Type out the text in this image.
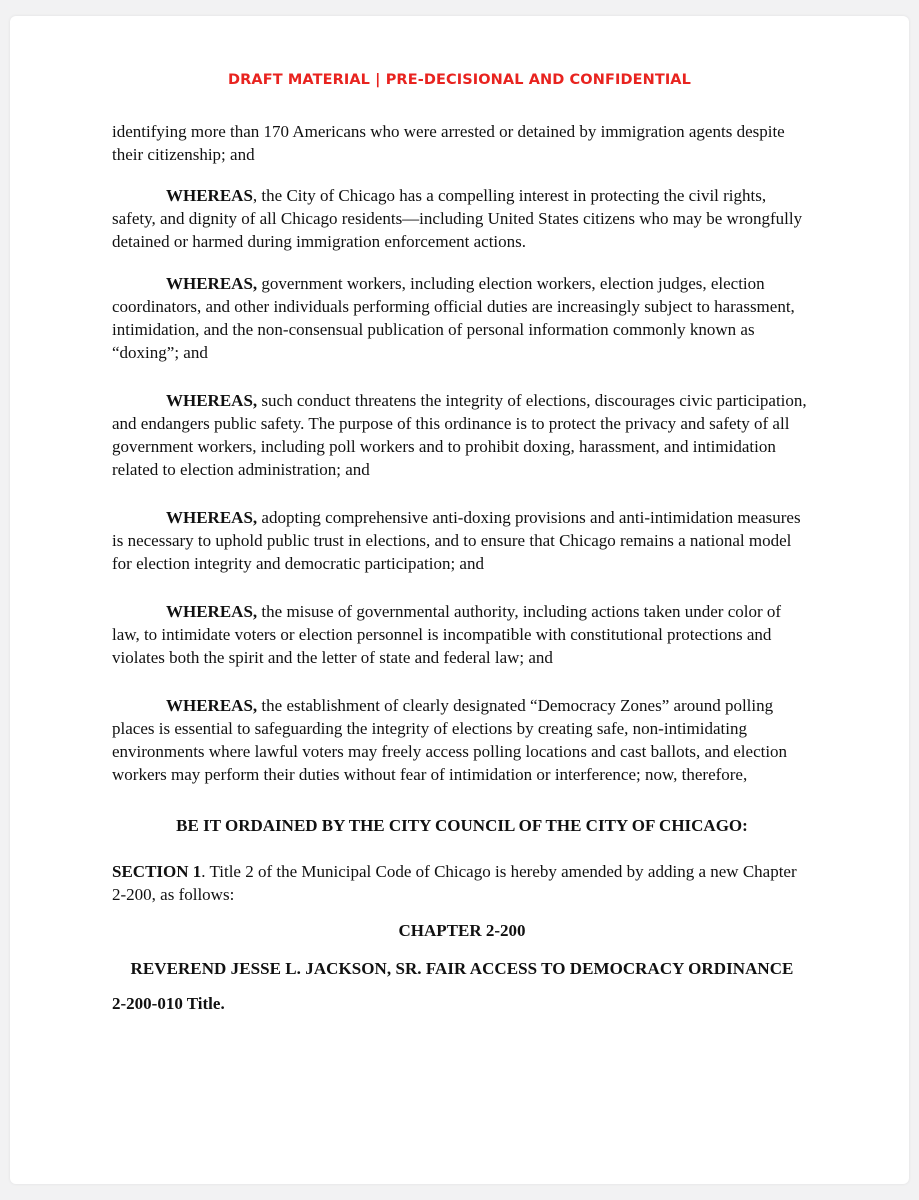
DRAFT MATERIAL | PRE-DECISIONAL AND CONFIDENTIAL

identifying more than 170 Americans who were arrested or detained by immigration agents despite their citizenship; and

WHEREAS, the City of Chicago has a compelling interest in protecting the civil rights, safety, and dignity of all Chicago residents—including United States citizens who may be wrongfully detained or harmed during immigration enforcement actions.

WHEREAS, government workers, including election workers, election judges, election coordinators, and other individuals performing official duties are increasingly subject to harassment, intimidation, and the non-consensual publication of personal information commonly known as “doxing”; and

WHEREAS, such conduct threatens the integrity of elections, discourages civic participation, and endangers public safety. The purpose of this ordinance is to protect the privacy and safety of all government workers, including poll workers and to prohibit doxing, harassment, and intimidation related to election administration; and

WHEREAS, adopting comprehensive anti-doxing provisions and anti-intimidation measures is necessary to uphold public trust in elections, and to ensure that Chicago remains a national model for election integrity and democratic participation; and

WHEREAS, the misuse of governmental authority, including actions taken under color of law, to intimidate voters or election personnel is incompatible with constitutional protections and violates both the spirit and the letter of state and federal law; and

WHEREAS, the establishment of clearly designated “Democracy Zones” around polling places is essential to safeguarding the integrity of elections by creating safe, non-intimidating environments where lawful voters may freely access polling locations and cast ballots, and election workers may perform their duties without fear of intimidation or interference; now, therefore,

BE IT ORDAINED BY THE CITY COUNCIL OF THE CITY OF CHICAGO:

SECTION 1. Title 2 of the Municipal Code of Chicago is hereby amended by adding a new Chapter 2-200, as follows:

CHAPTER 2-200

REVEREND JESSE L. JACKSON, SR. FAIR ACCESS TO DEMOCRACY ORDINANCE

2-200-010 Title.
